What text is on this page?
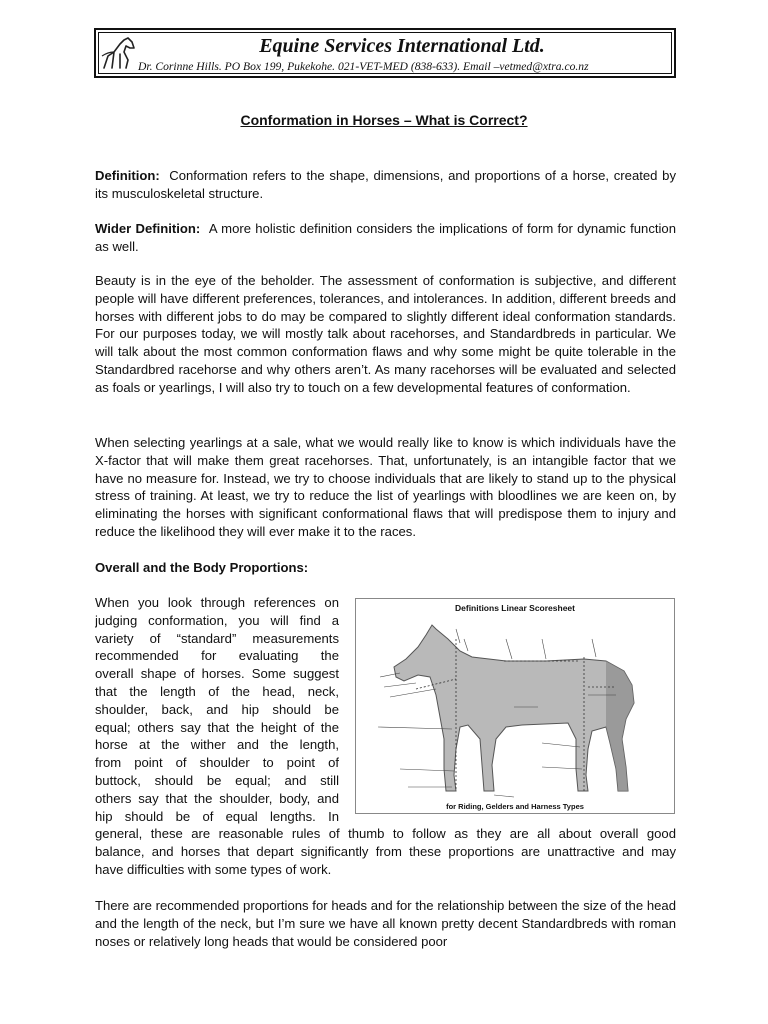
Equine Services International Ltd.
Dr. Corinne Hills. PO Box 199, Pukekohe. 021-VET-MED (838-633). Email –vetmed@xtra.co.nz
Conformation in Horses – What is Correct?

Definition: Conformation refers to the shape, dimensions, and proportions of a horse, created by its musculoskeletal structure.

Wider Definition: A more holistic definition considers the implications of form for dynamic function as well.

Beauty is in the eye of the beholder. The assessment of conformation is subjective, and different people will have different preferences, tolerances, and intolerances. In addition, different breeds and horses with different jobs to do may be compared to slightly different ideal conformation standards. For our purposes today, we will mostly talk about racehorses, and Standardbreds in particular. We will talk about the most common conformation flaws and why some might be quite tolerable in the Standardbred racehorse and why others aren’t. As many racehorses will be evaluated and selected as foals or yearlings, I will also try to touch on a few developmental features of conformation.

When selecting yearlings at a sale, what we would really like to know is which individuals have the X-factor that will make them great racehorses. That, unfortunately, is an intangible factor that we have no measure for. Instead, we try to choose individuals that are likely to stand up to the physical stress of training. At least, we try to reduce the list of yearlings with bloodlines we are keen on, by eliminating the horses with significant conformational flaws that will predispose them to injury and reduce the likelihood they will ever make it to the races.

Overall and the Body Proportions:

When you look through references on
judging conformation, you will find a
variety of “standard” measurements
recommended for evaluating the
overall shape of horses. Some suggest
that the length of the head, neck,
shoulder, back, and hip should be
equal; others say that the height of the
horse at the wither and the length,
from point of shoulder to point of
buttock, should be equal; and still
others say that the shoulder, body, and
hip should be of equal lengths. In
general, these are reasonable rules of thumb to follow as they are all about overall good
balance, and horses that depart significantly from these proportions are unattractive and may
have difficulties with some types of work.

Definitions Linear Scoresheet
for Riding, Gelders and Harness Types

There are recommended proportions for heads and for the relationship between the size of the head and the length of the neck, but I’m sure we have all known pretty decent Standardbreds with roman noses or relatively long heads that would be considered poor
